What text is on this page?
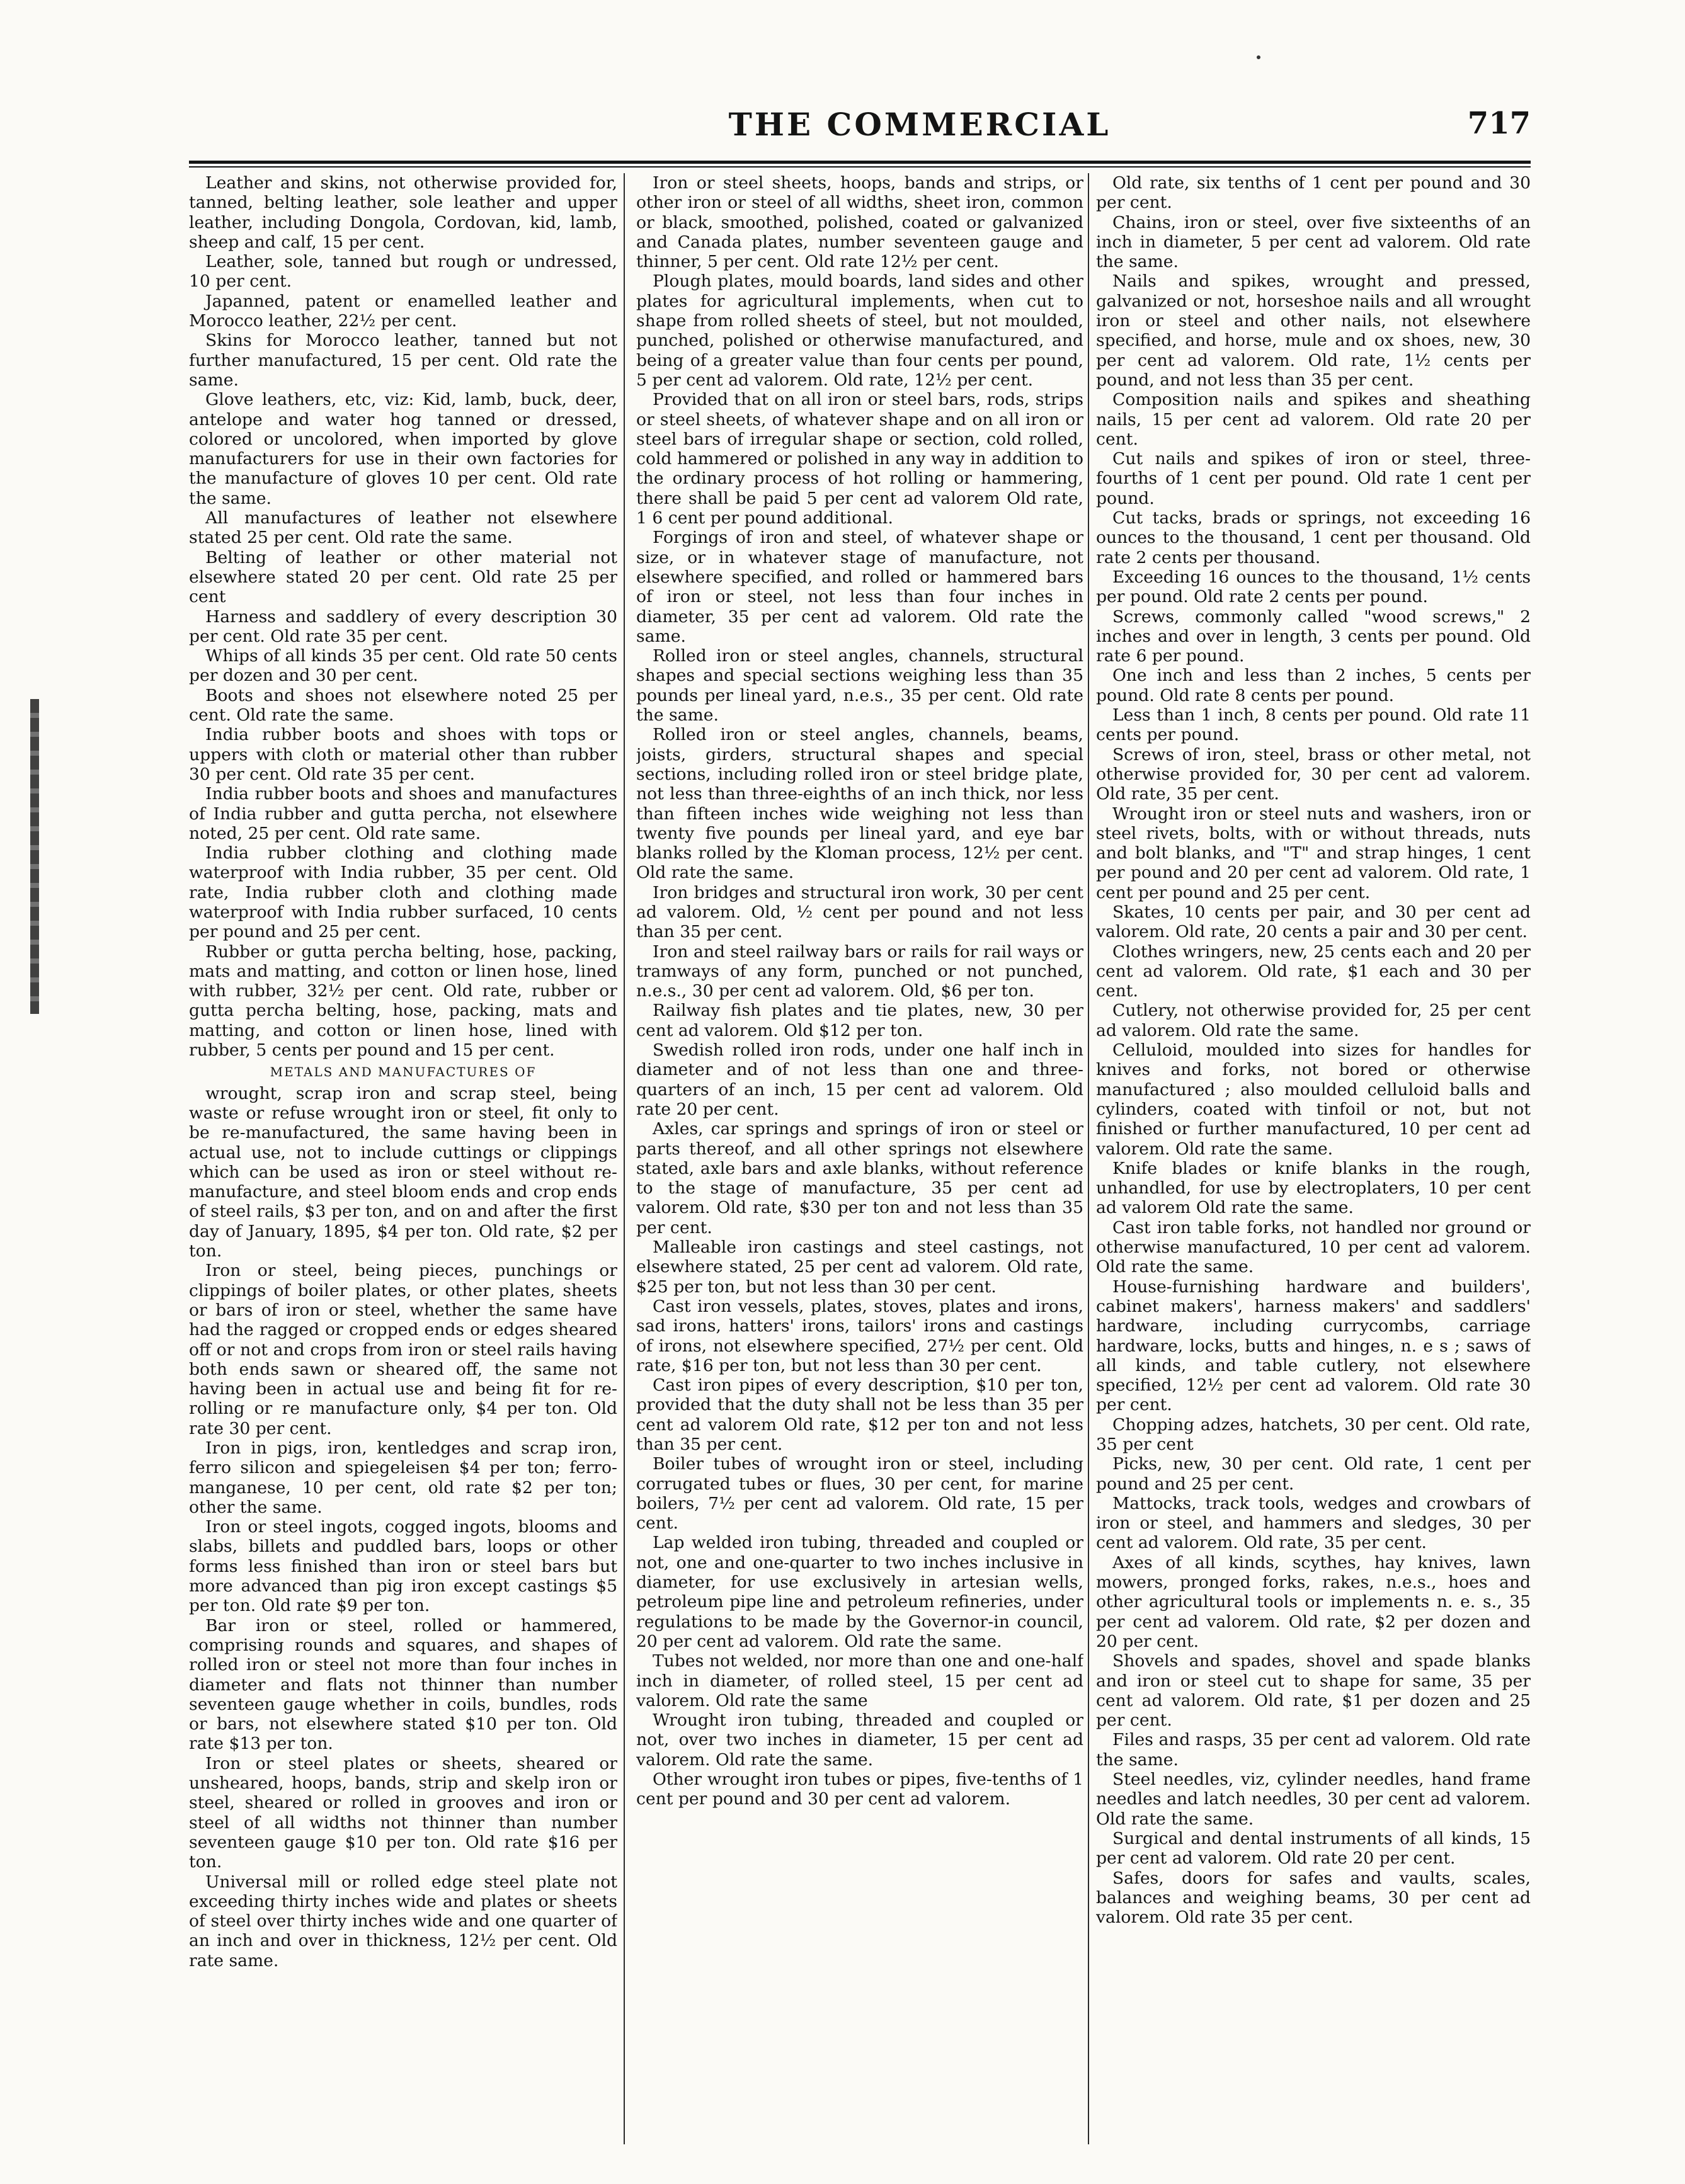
THE COMMERCIAL	717

Leather and skins, not otherwise provided for, tanned, belting leather, sole leather and upper leather, including Dongola, Cordovan, kid, lamb, sheep and calf, 15 per cent.

Leather, sole, tanned but rough or undressed, 10 per cent.

Japanned, patent or enamelled leather and Morocco leather, 22½ per cent.

Skins for Morocco leather, tanned but not further manufactured, 15 per cent. Old rate the same.

Glove leathers, etc, viz: Kid, lamb, buck, deer, antelope and water hog tanned or dressed, colored or uncolored, when imported by glove manufacturers for use in their own factories for the manufacture of gloves 10 per cent. Old rate the same.

All manufactures of leather not elsewhere stated 25 per cent. Old rate the same.

Belting of leather or other material not elsewhere stated 20 per cent. Old rate 25 per cent

Harness and saddlery of every description 30 per cent. Old rate 35 per cent.

Whips of all kinds 35 per cent. Old rate 50 cents per dozen and 30 per cent.

Boots and shoes not elsewhere noted 25 per cent. Old rate the same.

India rubber boots and shoes with tops or uppers with cloth or material other than rubber 30 per cent. Old rate 35 per cent.

India rubber boots and shoes and manufactures of India rubber and gutta percha, not elsewhere noted, 25 per cent. Old rate same.

India rubber clothing and clothing made waterproof with India rubber, 35 per cent. Old rate, India rubber cloth and clothing made waterproof with India rubber surfaced, 10 cents per pound and 25 per cent.

Rubber or gutta percha belting, hose, packing, mats and matting, and cotton or linen hose, lined with rubber, 32½ per cent. Old rate, rubber or gutta percha belting, hose, packing, mats and matting, and cotton or linen hose, lined with rubber, 5 cents per pound and 15 per cent.

METALS AND MANUFACTURES OF

wrought, scrap iron and scrap steel, being waste or refuse wrought iron or steel, fit only to be re-manufactured, the same having been in actual use, not to include cuttings or clippings which can be used as iron or steel without re-manufacture, and steel bloom ends and crop ends of steel rails, $3 per ton, and on and after the first day of January, 1895, $4 per ton. Old rate, $2 per ton.

Iron or steel, being pieces, punchings or clippings of boiler plates, or other plates, sheets or bars of iron or steel, whether the same have had the ragged or cropped ends or edges sheared off or not and crops from iron or steel rails having both ends sawn or sheared off, the same not having been in actual use and being fit for re-rolling or re manufacture only, $4 per ton. Old rate 30 per cent.

Iron in pigs, iron, kentledges and scrap iron, ferro silicon and spiegeleisen $4 per ton; ferro-manganese, 10 per cent, old rate $2 per ton; other the same.

Iron or steel ingots, cogged ingots, blooms and slabs, billets and puddled bars, loops or other forms less finished than iron or steel bars but more advanced than pig iron except castings $5 per ton. Old rate $9 per ton.

Bar iron or steel, rolled or hammered, comprising rounds and squares, and shapes of rolled iron or steel not more than four inches in diameter and flats not thinner than number seventeen gauge whether in coils, bundles, rods or bars, not elsewhere stated $10 per ton. Old rate $13 per ton.

Iron or steel plates or sheets, sheared or unsheared, hoops, bands, strip and skelp iron or steel, sheared or rolled in grooves and iron or steel of all widths not thinner than number seventeen gauge $10 per ton. Old rate $16 per ton.

Universal mill or rolled edge steel plate not exceeding thirty inches wide and plates or sheets of steel over thirty inches wide and one quarter of an inch and over in thickness, 12½ per cent. Old rate same.

Iron or steel sheets, hoops, bands and strips, or other iron or steel of all widths, sheet iron, common or black, smoothed, polished, coated or galvanized and Canada plates, number seventeen gauge and thinner, 5 per cent. Old rate 12½ per cent.

Plough plates, mould boards, land sides and other plates for agricultural implements, when cut to shape from rolled sheets of steel, but not moulded, punched, polished or otherwise manufactured, and being of a greater value than four cents per pound, 5 per cent ad valorem. Old rate, 12½ per cent.

Provided that on all iron or steel bars, rods, strips or steel sheets, of whatever shape and on all iron or steel bars of irregular shape or section, cold rolled, cold hammered or polished in any way in addition to the ordinary process of hot rolling or hammering, there shall be paid 5 per cent ad valorem Old rate, 1 6 cent per pound additional.

Forgings of iron and steel, of whatever shape or size, or in whatever stage of manufacture, not elsewhere specified, and rolled or hammered bars of iron or steel, not less than four inches in diameter, 35 per cent ad valorem. Old rate the same.

Rolled iron or steel angles, channels, structural shapes and special sections weighing less than 35 pounds per lineal yard, n.e.s., 35 per cent. Old rate the same.

Rolled iron or steel angles, channels, beams, joists, girders, structural shapes and special sections, including rolled iron or steel bridge plate, not less than three-eighths of an inch thick, nor less than fifteen inches wide weighing not less than twenty five pounds per lineal yard, and eye bar blanks rolled by the Kloman process, 12½ per cent. Old rate the same.

Iron bridges and structural iron work, 30 per cent ad valorem. Old, ½ cent per pound and not less than 35 per cent.

Iron and steel railway bars or rails for rail ways or tramways of any form, punched or not punched, n.e.s., 30 per cent ad valorem. Old, $6 per ton.

Railway fish plates and tie plates, new, 30 per cent ad valorem. Old $12 per ton.

Swedish rolled iron rods, under one half inch in diameter and of not less than one and three-quarters of an inch, 15 per cent ad valorem. Old rate 20 per cent.

Axles, car springs and springs of iron or steel or parts thereof, and all other springs not elsewhere stated, axle bars and axle blanks, without reference to the stage of manufacture, 35 per cent ad valorem. Old rate, $30 per ton and not less than 35 per cent.

Malleable iron castings and steel castings, not elsewhere stated, 25 per cent ad valorem. Old rate, $25 per ton, but not less than 30 per cent.

Cast iron vessels, plates, stoves, plates and irons, sad irons, hatters' irons, tailors' irons and castings of irons, not elsewhere specified, 27½ per cent. Old rate, $16 per ton, but not less than 30 per cent.

Cast iron pipes of every description, $10 per ton, provided that the duty shall not be less than 35 per cent ad valorem Old rate, $12 per ton and not less than 35 per cent.

Boiler tubes of wrought iron or steel, including corrugated tubes or flues, 30 per cent, for marine boilers, 7½ per cent ad valorem. Old rate, 15 per cent.

Lap welded iron tubing, threaded and coupled or not, one and one-quarter to two inches inclusive in diameter, for use exclusively in artesian wells, petroleum pipe line and petroleum refineries, under regulations to be made by the Governor-in council, 20 per cent ad valorem. Old rate the same.

Tubes not welded, nor more than one and one-half inch in diameter, of rolled steel, 15 per cent ad valorem. Old rate the same

Wrought iron tubing, threaded and coupled or not, over two inches in diameter, 15 per cent ad valorem. Old rate the same.

Other wrought iron tubes or pipes, five-tenths of 1 cent per pound and 30 per cent ad valorem.

Old rate, six tenths of 1 cent per pound and 30 per cent.

Chains, iron or steel, over five sixteenths of an inch in diameter, 5 per cent ad valorem. Old rate the same.

Nails and spikes, wrought and pressed, galvanized or not, horseshoe nails and all wrought iron or steel and other nails, not elsewhere specified, and horse, mule and ox shoes, new, 30 per cent ad valorem. Old rate, 1½ cents per pound, and not less than 35 per cent.

Composition nails and spikes and sheathing nails, 15 per cent ad valorem. Old rate 20 per cent.

Cut nails and spikes of iron or steel, three-fourths of 1 cent per pound. Old rate 1 cent per pound.

Cut tacks, brads or springs, not exceeding 16 ounces to the thousand, 1 cent per thousand. Old rate 2 cents per thousand.

Exceeding 16 ounces to the thousand, 1½ cents per pound. Old rate 2 cents per pound.

Screws, commonly called "wood screws," 2 inches and over in length, 3 cents per pound. Old rate 6 per pound.

One inch and less than 2 inches, 5 cents per pound. Old rate 8 cents per pound.

Less than 1 inch, 8 cents per pound. Old rate 11 cents per pound.

Screws of iron, steel, brass or other metal, not otherwise provided for, 30 per cent ad valorem. Old rate, 35 per cent.

Wrought iron or steel nuts and washers, iron or steel rivets, bolts, with or without threads, nuts and bolt blanks, and "T" and strap hinges, 1 cent per pound and 20 per cent ad valorem. Old rate, 1 cent per pound and 25 per cent.

Skates, 10 cents per pair, and 30 per cent ad valorem. Old rate, 20 cents a pair and 30 per cent.

Clothes wringers, new, 25 cents each and 20 per cent ad valorem. Old rate, $1 each and 30 per cent.

Cutlery, not otherwise provided for, 25 per cent ad valorem. Old rate the same.

Celluloid, moulded into sizes for handles for knives and forks, not bored or otherwise manufactured ; also moulded celluloid balls and cylinders, coated with tinfoil or not, but not finished or further manufactured, 10 per cent ad valorem. Old rate the same.

Knife blades or knife blanks in the rough, unhandled, for use by electroplaters, 10 per cent ad valorem Old rate the same.

Cast iron table forks, not handled nor ground or otherwise manufactured, 10 per cent ad valorem. Old rate the same.

House-furnishing hardware and builders', cabinet makers', harness makers' and saddlers' hardware, including currycombs, carriage hardware, locks, butts and hinges, n. e s ; saws of all kinds, and table cutlery, not elsewhere specified, 12½ per cent ad valorem. Old rate 30 per cent.

Chopping adzes, hatchets, 30 per cent. Old rate, 35 per cent

Picks, new, 30 per cent. Old rate, 1 cent per pound and 25 per cent.

Mattocks, track tools, wedges and crowbars of iron or steel, and hammers and sledges, 30 per cent ad valorem. Old rate, 35 per cent.

Axes of all kinds, scythes, hay knives, lawn mowers, pronged forks, rakes, n.e.s., hoes and other agricultural tools or implements n. e. s., 35 per cent ad valorem. Old rate, $2 per dozen and 20 per cent.

Shovels and spades, shovel and spade blanks and iron or steel cut to shape for same, 35 per cent ad valorem. Old rate, $1 per dozen and 25 per cent.

Files and rasps, 35 per cent ad valorem. Old rate the same.

Steel needles, viz, cylinder needles, hand frame needles and latch needles, 30 per cent ad valorem. Old rate the same.

Surgical and dental instruments of all kinds, 15 per cent ad valorem. Old rate 20 per cent.

Safes, doors for safes and vaults, scales, balances and weighing beams, 30 per cent ad valorem. Old rate 35 per cent.
